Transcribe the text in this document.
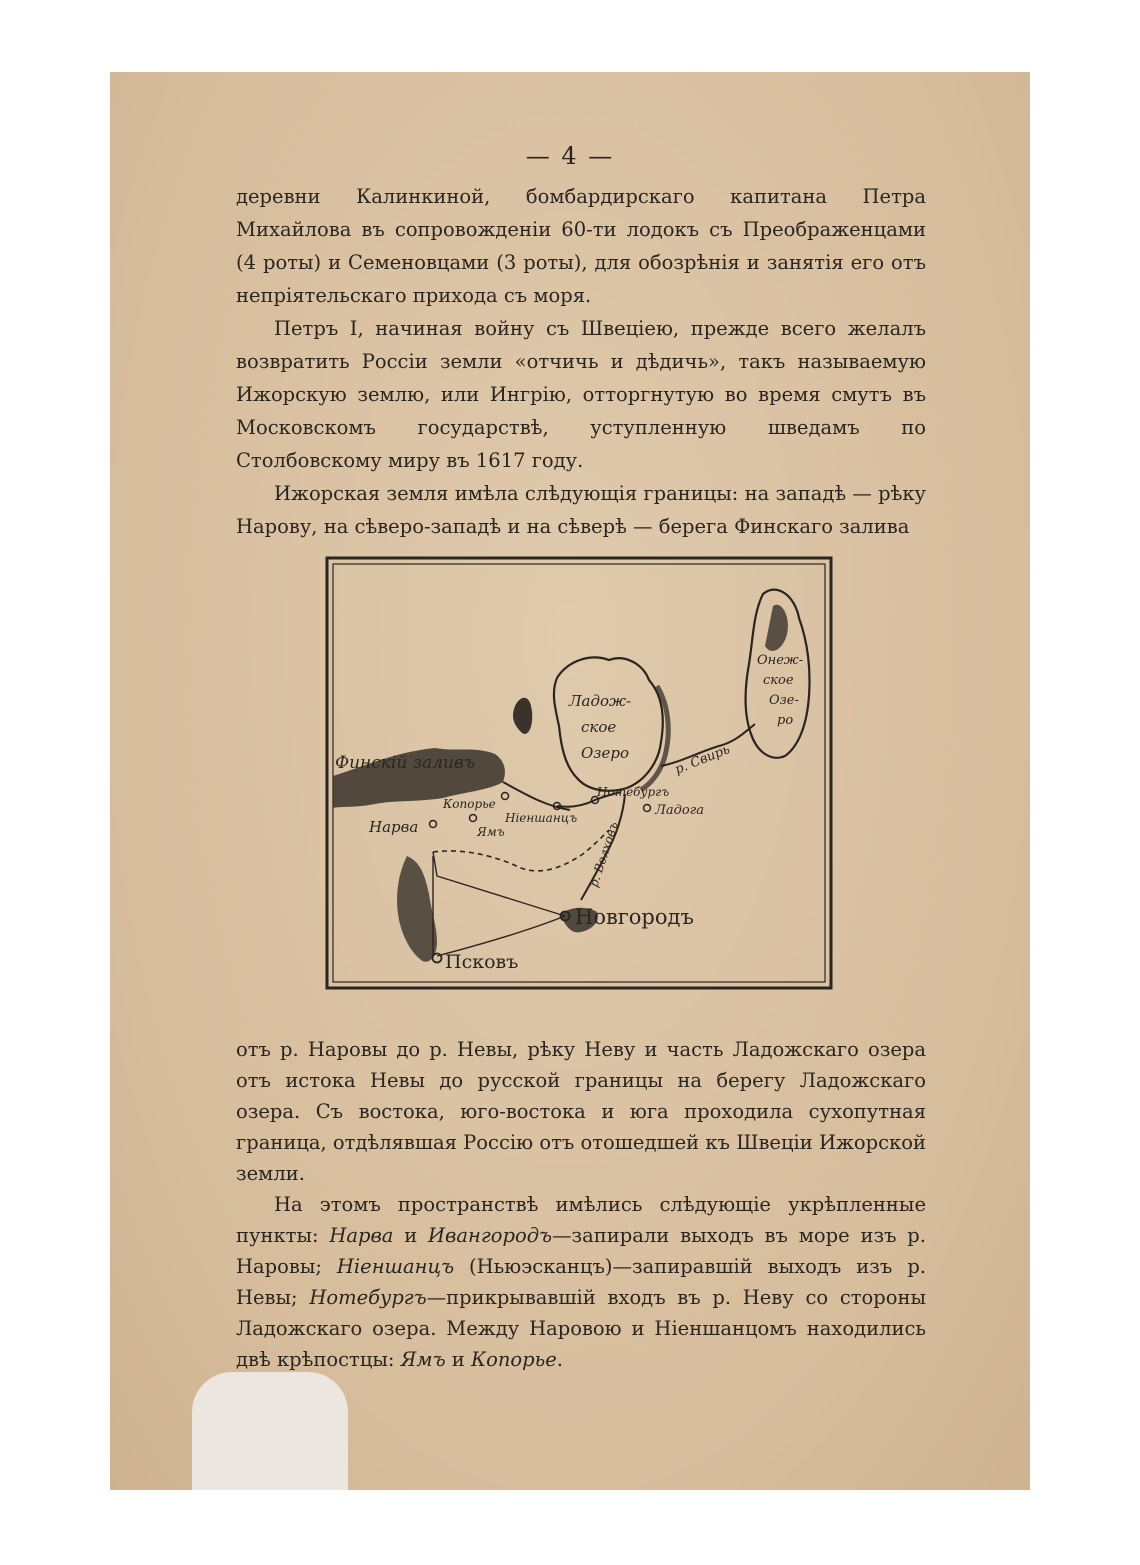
— 4 —

деревни Калинкиной, бомбардирскаго капитана Петра Михайлова въ сопровожденіи 60-ти лодокъ съ Преображенцами (4 роты) и Семеновцами (3 роты), для обозрѣнія и занятія его отъ непріятельскаго прихода съ моря.

Петръ I, начиная войну съ Швеціею, прежде всего желалъ возвратить Россіи земли «отчичь и дѣдичь», такъ называемую Ижорскую землю, или Ингрію, отторгнутую во время смутъ въ Московскомъ государствѣ, уступленную шведамъ по Столбовскому миру въ 1617 году.

Ижорская земля имѣла слѣдующія границы: на западѣ — рѣку Нарову, на сѣверо-западѣ и на сѣверѣ — берега Финскаго залива

Финскій заливъ
Ладож-
ское
Озеро
Онеж-
ское
Озе-
ро
р. Свирь
р. Волховъ
Копорье
Нарва	Ямъ
Ніеншанцъ
Нотебургъ
Ладога
Новгородъ
Псковъ

отъ р. Наровы до р. Невы, рѣку Неву и часть Ладожскаго озера отъ истока Невы до русской границы на берегу Ладожскаго озера. Съ востока, юго-востока и юга проходила сухопутная граница, отдѣлявшая Россію отъ отошедшей къ Швеціи Ижорской земли.

На этомъ пространствѣ имѣлись слѣдующіе укрѣпленные пункты: Нарва и Ивангородъ—запирали выходъ въ море изъ р. Наровы; Ніеншанцъ (Ньюэсканцъ)—запиравшій выходъ изъ р. Невы; Нотебургъ—прикрывавшій входъ въ р. Неву со стороны Ладожскаго озера. Между Наровою и Ніеншанцомъ находились двѣ крѣпостцы: Ямъ и Копорье.
